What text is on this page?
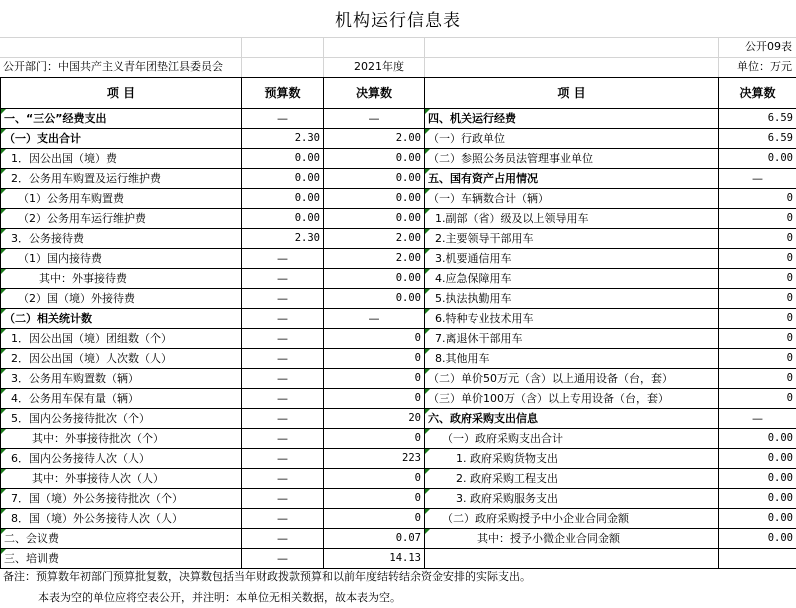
机构运行信息表
公开09表
公开部门：中国共产主义青年团垫江县委员会	2021年度	单位：万元
项 目	预算数	决算数	项 目	决算数
一、“三公”经费支出	—	—	四、机关运行经费	6.59
（一）支出合计	2.30	2.00	（一）行政单位	6.59
1．因公出国（境）费	0.00	0.00	（二）参照公务员法管理事业单位	0.00
2．公务用车购置及运行维护费	0.00	0.00	五、国有资产占用情况	—
（1）公务用车购置费	0.00	0.00	（一）车辆数合计（辆）	0
（2）公务用车运行维护费	0.00	0.00	1.副部（省）级及以上领导用车	0
3．公务接待费	2.30	2.00	2.主要领导干部用车	0
（1）国内接待费	—	2.00	3.机要通信用车	0
其中：外事接待费	—	0.00	4.应急保障用车	0
（2）国（境）外接待费	—	0.00	5.执法执勤用车	0
（二）相关统计数	—	—	6.特种专业技术用车	0
1．因公出国（境）团组数（个）	—	0	7.离退休干部用车	0
2．因公出国（境）人次数（人）	—	0	8.其他用车	0
3．公务用车购置数（辆）	—	0	（二）单价50万元（含）以上通用设备（台，套）	0
4．公务用车保有量（辆）	—	0	（三）单价100万（含）以上专用设备（台，套）	0
5．国内公务接待批次（个）	—	20	六、政府采购支出信息	—
其中：外事接待批次（个）	—	0	（一）政府采购支出合计	0.00
6．国内公务接待人次（人）	—	223	1. 政府采购货物支出	0.00
其中：外事接待人次（人）	—	0	2. 政府采购工程支出	0.00
7．国（境）外公务接待批次（个）	—	0	3. 政府采购服务支出	0.00
8．国（境）外公务接待人次（人）	—	0	（二）政府采购授予中小企业合同金额	0.00
二、会议费	—	0.07	其中：授予小微企业合同金额	0.00
三、培训费	—	14.13		
备注：预算数年初部门预算批复数，决算数包括当年财政拨款预算和以前年度结转结余资金安排的实际支出。
本表为空的单位应将空表公开，并注明：本单位无相关数据，故本表为空。
